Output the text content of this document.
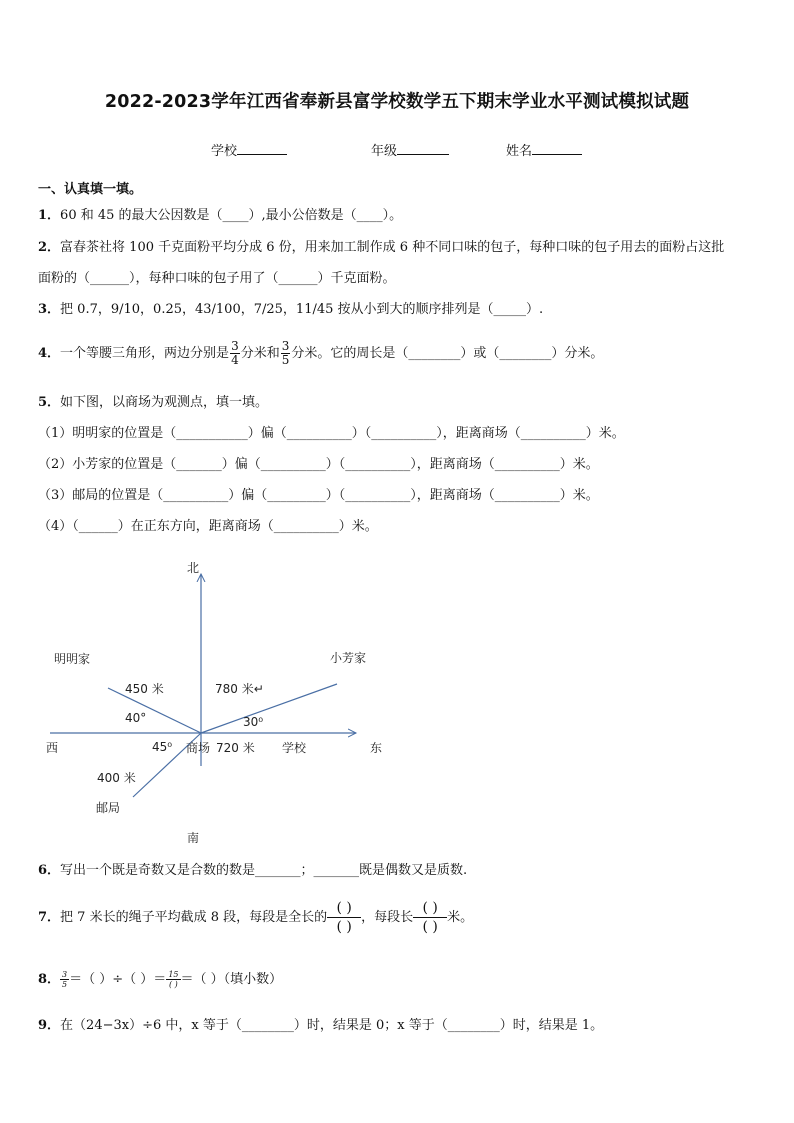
2022-2023学年江西省奉新县富学校数学五下期末学业水平测试模拟试题
学校	年级	姓名
一、认真填一填。
1．60 和 45 的最大公因数是（____）,最小公倍数是（____）。
2．富春茶社将 100 千克面粉平均分成 6 份，用来加工制作成 6 种不同口味的包子，每种口味的包子用去的面粉占这批
面粉的（______），每种口味的包子用了（______）千克面粉。
3．把 0.7，9/10，0.25，43/100，7/25，11/45 按从小到大的顺序排列是（_____）.
4．一个等腰三角形，两边分别是 $\frac{3}{4}$ 分米和 $\frac{3}{5}$ 分米。它的周长是（________）或（________）分米。
5．如下图，以商场为观测点，填一填。
（1）明明家的位置是（___________）偏（__________）（__________），距离商场（__________）米。
（2）小芳家的位置是（_______）偏（__________）（__________），距离商场（__________）米。
（3）邮局的位置是（__________）偏（_________）（__________），距离商场（__________）米。
（4）（______）在正东方向，距离商场（__________）米。
北
南
西	东
明明家	小芳家
邮局
商场	学校
450 米	780 米↵
400 米
720 米
40°	30⁰
45⁰
6．写出一个既是奇数又是合数的数是_______；_______既是偶数又是质数.
7．把 7 米长的绳子平均截成 8 段，每段是全长的 $\frac{( )}{( )}$，每段长 $\frac{( )}{( )}$米。
8． $\frac{3}{5}=$（ ）÷（ ）＝ $\frac{15}{( )}=$（ ）（填小数）
9．在（24−3x）÷6 中，x 等于（________）时，结果是 0；x 等于（________）时，结果是 1。
